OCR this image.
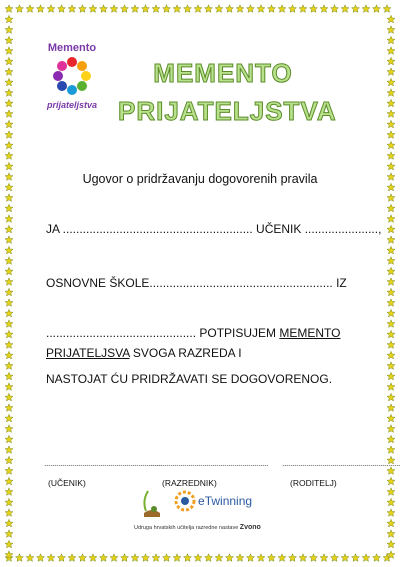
Memento
prijateljstva
MEMENTO
PRIJATELJSTVA
Ugovor o pridržavanju dogovorenih pravila
JA ......................................................... UČENIK ......................,
OSNOVNE ŠKOLE....................................................... IZ
............................................. POTPISUJEM MEMENTO
PRIJATELJSVA SVOGA RAZREDA I
NASTOJAT ĆU PRIDRŽAVATI SE DOGOVORENOG.
...........................................................
........................................................... ...........................................................
(UČENIK)	(RAZREDNIK)	(RODITELJ)
eTwinning
Udruga hrvatskih učitelja razredne nastave Zvono
